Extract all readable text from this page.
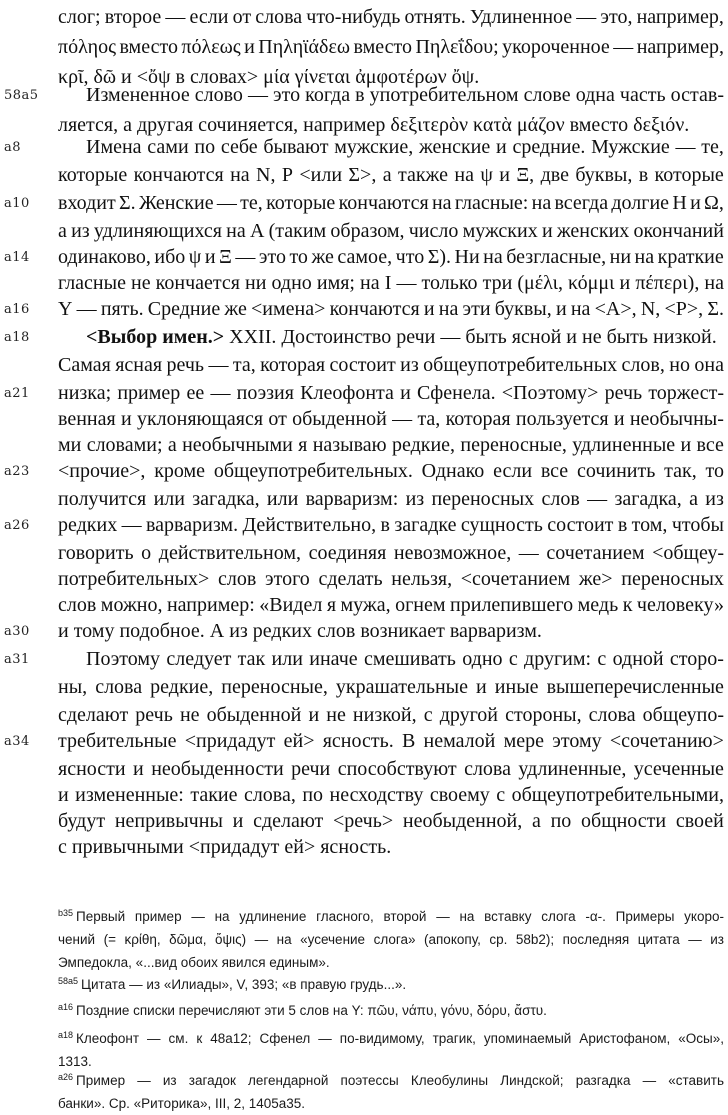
слог; второе — если от слова что-нибудь отнять. Удлиненное — это, например,
πόληος вместо πόλεως и Πηληϊάδεω вместо Πηλεΐδου; укороченное — например,
κρῖ, δῶ и <ὄψ в словах> μία γίνεται ἀμφοτέρων ὄψ.
58a5	Измененное слово — это когда в употребительном слове одна часть остав-
ляется, а другая сочиняется, например δεξιτερὸν κατὰ μάζον вместо δεξιόν.
a8	Имена сами по себе бывают мужские, женские и средние. Мужские — те,
которые кончаются на N, P <или Σ>, а также на ψ и Ξ, две буквы, в которые
a10	входит Σ. Женские — те, которые кончаются на гласные: на всегда долгие Η и Ω,
а из удлиняющихся на A (таким образом, число мужских и женских окончаний
a14	одинаково, ибо ψ и Ξ — это то же самое, что Σ). Ни на безгласные, ни на краткие
гласные не кончается ни одно имя; на I — только три (μέλι, κόμμι и πέπερι), на
a16	Υ — пять. Средние же <имена> кончаются и на эти буквы, и на <A>, N, <P>, Σ.
a18	<Выбор имен.> XXII. Достоинство речи — быть ясной и не быть низкой.
Самая ясная речь — та, которая состоит из общеупотребительных слов, но она
a21	низка; пример ее — поэзия Клеофонта и Сфенела. <Поэтому> речь торжест-
венная и уклоняющаяся от обыденной — та, которая пользуется и необычны-
ми словами; а необычными я называю редкие, переносные, удлиненные и все
a23	<прочие>, кроме общеупотребительных. Однако если все сочинить так, то
получится или загадка, или варваризм: из переносных слов — загадка, а из
a26	редких — варваризм. Действительно, в загадке сущность состоит в том, чтобы
говорить о действительном, соединяя невозможное, — сочетанием <общеу-
потребительных> слов этого сделать нельзя, <сочетанием же> переносных
слов можно, например: «Видел я мужа, огнем прилепившего медь к человеку»
a30	и тому подобное. А из редких слов возникает варваризм.
a31	Поэтому следует так или иначе смешивать одно с другим: с одной сторо-
ны, слова редкие, переносные, украшательные и иные вышеперечисленные
сделают речь не обыденной и не низкой, с другой стороны, слова общеупо-
a34	требительные <придадут ей> ясность. В немалой мере этому <сочетанию>
ясности и необыденности речи способствуют слова удлиненные, усеченные
и измененные: такие слова, по несходству своему с общеупотребительными,
будут непривычны и сделают <речь> необыденной, а по общности своей
с привычными <придадут ей> ясность.
$^{b35}$ Первый пример — на удлинение гласного, второй — на вставку слога -α-. Примеры укоро-
чений (= κρίθη, δῶμα, ὄψις) — на «усечение слога» (апокопу, ср. 58b2); последняя цитата — из
Эмпедокла, «...вид обоих явился единым».
$^{58a5}$ Цитата — из «Илиады», V, 393; «в правую грудь...».
$^{a16}$ Поздние списки перечисляют эти 5 слов на Υ: πῶυ, νάπυ, γόνυ, δόρυ, ἄστυ.
$^{a18}$ Клеофонт — см. к 48a12; Сфенел — по-видимому, трагик, упоминаемый Аристофаном, «Осы»,
1313.
$^{a26}$ Пример — из загадок легендарной поэтессы Клеобулины Линдской; разгадка — «ставить
банки». Ср. «Риторика», III, 2, 1405a35.
